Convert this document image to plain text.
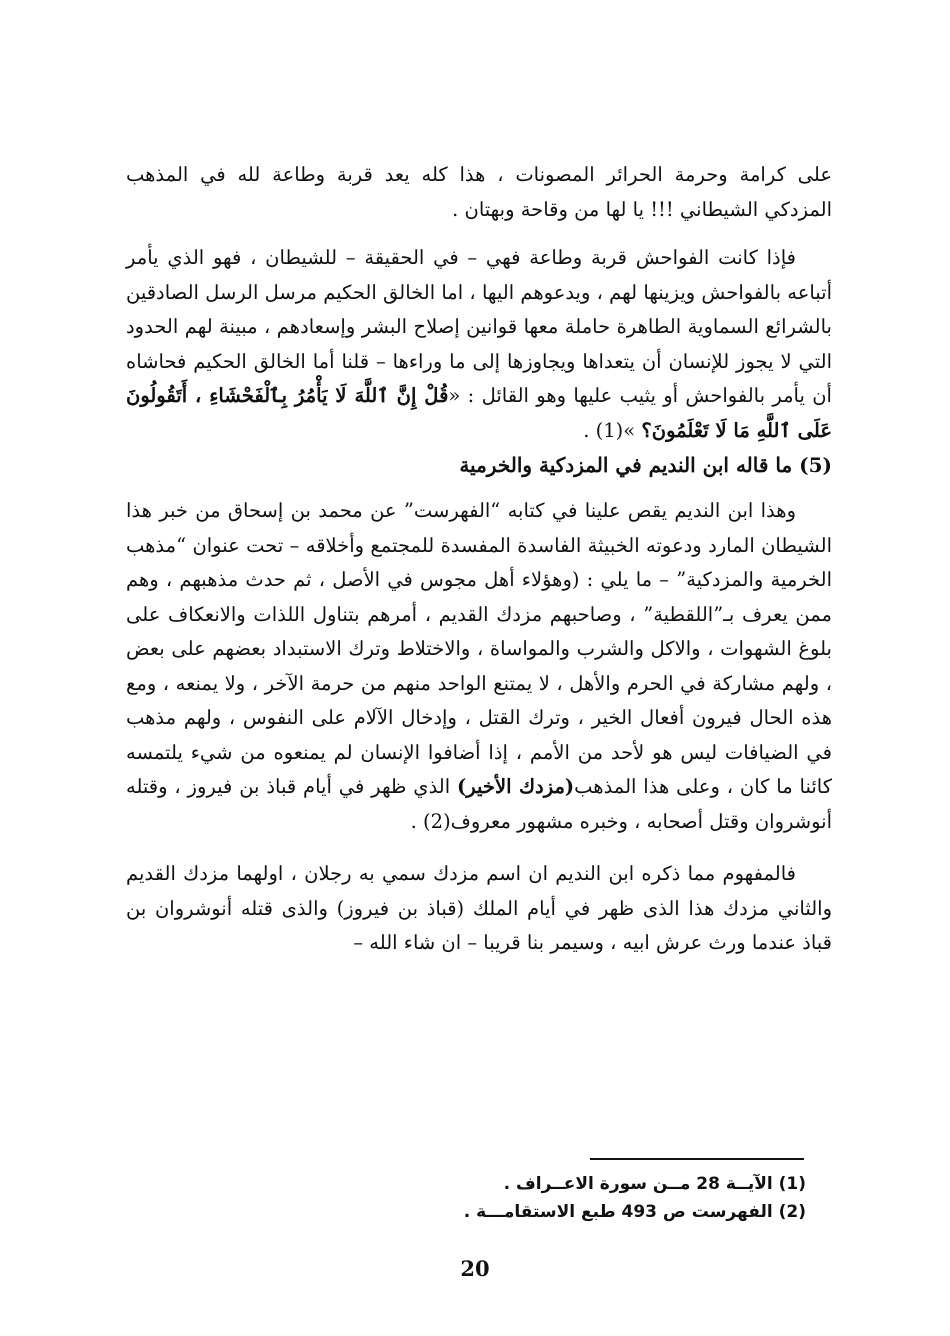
على كرامة وحرمة الحرائر المصونات ، هذا كله يعد قربة وطاعة لله في المذهب المزدكي الشيطاني !!! يا لها من وقاحة وبهتان .

فإذا كانت الفواحش قربة وطاعة فهي – في الحقيقة – للشيطان ، فهو الذي يأمر أتباعه بالفواحش ويزينها لهم ، ويدعوهم اليها ، اما الخالق الحكيم مرسل الرسل الصادقين بالشرائع السماوية الطاهرة حاملة معها قوانين إصلاح البشر وإسعادهم ، مبينة لهم الحدود التي لا يجوز للإنسان أن يتعداها ويجاوزها إلى ما وراءها – قلنا أما الخالق الحكيم فحاشاه أن يأمر بالفواحش أو يثيب عليها وهو القائل : «قُلْ إِنَّ ٱللَّهَ لَا يَأْمُرُ بِٱلْفَحْشَاءِ ، أَتَقُولُونَ عَلَى ٱللَّهِ مَا لَا تَعْلَمُونَ؟ »(1) .

(5) ما قاله ابن النديم في المزدكية والخرمية

وهذا ابن النديم يقص علينا في كتابه “الفهرست” عن محمد بن إسحاق من خبر هذا الشيطان المارد ودعوته الخبيثة الفاسدة المفسدة للمجتمع وأخلاقه – تحت عنوان “مذهب الخرمية والمزدكية” – ما يلي : (وهؤلاء أهل مجوس في الأصل ، ثم حدث مذهبهم ، وهم ممن يعرف بـ”اللقطية” ، وصاحبهم مزدك القديم ، أمرهم بتناول اللذات والانعكاف على بلوغ الشهوات ، والاكل والشرب والمواساة ، والاختلاط وترك الاستبداد بعضهم على بعض ، ولهم مشاركة في الحرم والأهل ، لا يمتنع الواحد منهم من حرمة الآخر ، ولا يمنعه ، ومع هذه الحال فيرون أفعال الخير ، وترك القتل ، وإدخال الآلام على النفوس ، ولهم مذهب في الضيافات ليس هو لأحد من الأمم ، إذا أضافوا الإنسان لم يمنعوه من شيء يلتمسه كائنا ما كان ، وعلى هذا المذهب(مزدك الأخير) الذي ظهر في أيام قباذ بن فيروز ، وقتله أنوشروان وقتل أصحابه ، وخبره مشهور معروف(2) .

فالمفهوم مما ذكره ابن النديم ان اسم مزدك سمي به رجلان ، اولهما مزدك القديم والثاني مزدك هذا الذى ظهر في أيام الملك (قباذ بن فيروز) والذى قتله أنوشروان بن قباذ عندما ورث عرش ابيه ، وسيمر بنا قريبا – ان شاء الله –

(1) الآيــة 28 مــن سورة الاعــراف .

(2) الفهرست ص 493 طبع الاستقامـــة .

20
